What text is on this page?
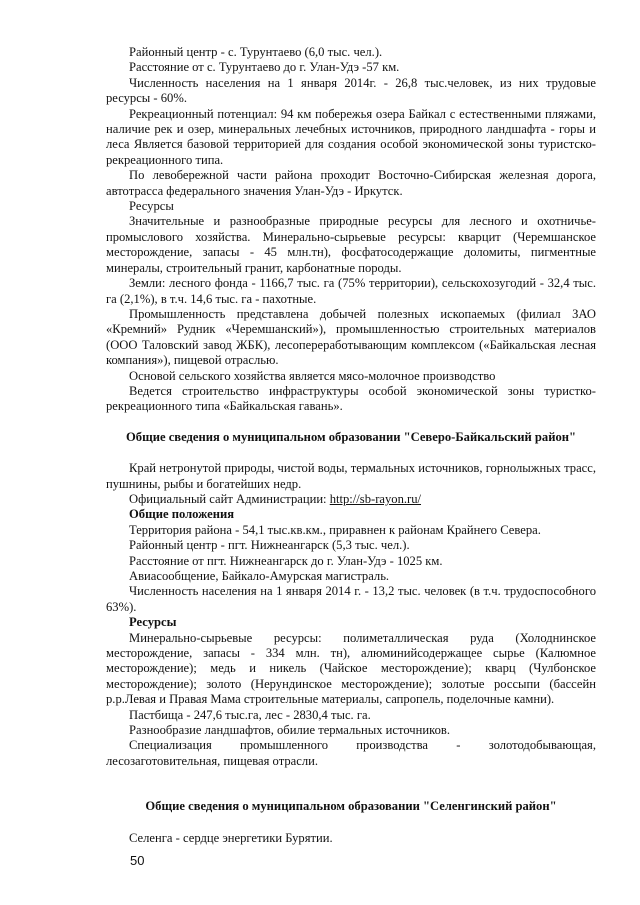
Районный центр - с. Турунтаево (6,0 тыс. чел.).

Расстояние от с. Турунтаево до г. Улан-Удэ -57 км.

Численность населения на 1 января 2014г. - 26,8 тыс.человек, из них трудовые ресурсы - 60%.

Рекреационный потенциал: 94 км побережья озера Байкал с естественными пляжами, наличие рек и озер, минеральных лечебных источников, природного ландшафта - горы и леса Является базовой территорией для создания особой экономической зоны туристско-рекреационного типа.

По левобережной части района проходит Восточно-Сибирская железная дорога, автотрасса федерального значения Улан-Удэ - Иркутск.

Ресурсы

Значительные и разнообразные природные ресурсы для лесного и охотничье-промыслового хозяйства. Минерально-сырьевые ресурсы: кварцит (Черемшанское месторождение, запасы - 45 млн.тн), фосфатосодержащие доломиты, пигментные минералы, строительный гранит, карбонатные породы.

Земли: лесного фонда - 1166,7 тыс. га (75% территории), сельскохозугодий - 32,4 тыс. га (2,1%), в т.ч. 14,6 тыс. га - пахотные.

Промышленность представлена добычей полезных ископаемых (филиал ЗАО «Кремний» Рудник «Черемшанский»), промышленностью строительных материалов (ООО Таловский завод ЖБК), лесопереработывающим комплексом («Байкальская лесная компания»), пищевой отраслью.

Основой сельского хозяйства является мясо-молочное производство

Ведется строительство инфраструктуры особой экономической зоны туристко-рекреационного типа «Байкальская гавань».

Общие сведения о муниципальном образовании "Северо-Байкальский район"

Край нетронутой природы, чистой воды, термальных источников, горнолыжных трасс, пушнины, рыбы и богатейших недр.

Официальный сайт Администрации: http://sb-rayon.ru/

Общие положения

Территория района - 54,1 тыс.кв.км., приравнен к районам Крайнего Севера.

Районный центр - пгт. Нижнеангарск (5,3 тыс. чел.).

Расстояние от пгт. Нижнеангарск до г. Улан-Удэ - 1025 км.

Авиасообщение, Байкало-Амурская магистраль.

Численность населения на 1 января 2014 г. - 13,2 тыс. человек (в т.ч. трудоспособного 63%).

Ресурсы

Минерально-сырьевые ресурсы: полиметаллическая руда (Холоднинское месторождение, запасы - 334 млн. тн), алюминийсодержащее сырье (Калюмное месторождение); медь и никель (Чайское месторождение); кварц (Чулбонское месторождение); золото (Нерундинское месторождение); золотые россыпи (бассейн р.р.Левая и Правая Мама строительные материалы, сапропель, поделочные камни).

Пастбища - 247,6 тыс.га, лес - 2830,4 тыс. га.

Разнообразие ландшафтов, обилие термальных источников.

Специализация промышленного производства - золотодобывающая, лесозаготовительная, пищевая отрасли.

Общие сведения о муниципальном образовании "Селенгинский район"

Селенга - сердце энергетики Бурятии.

50
